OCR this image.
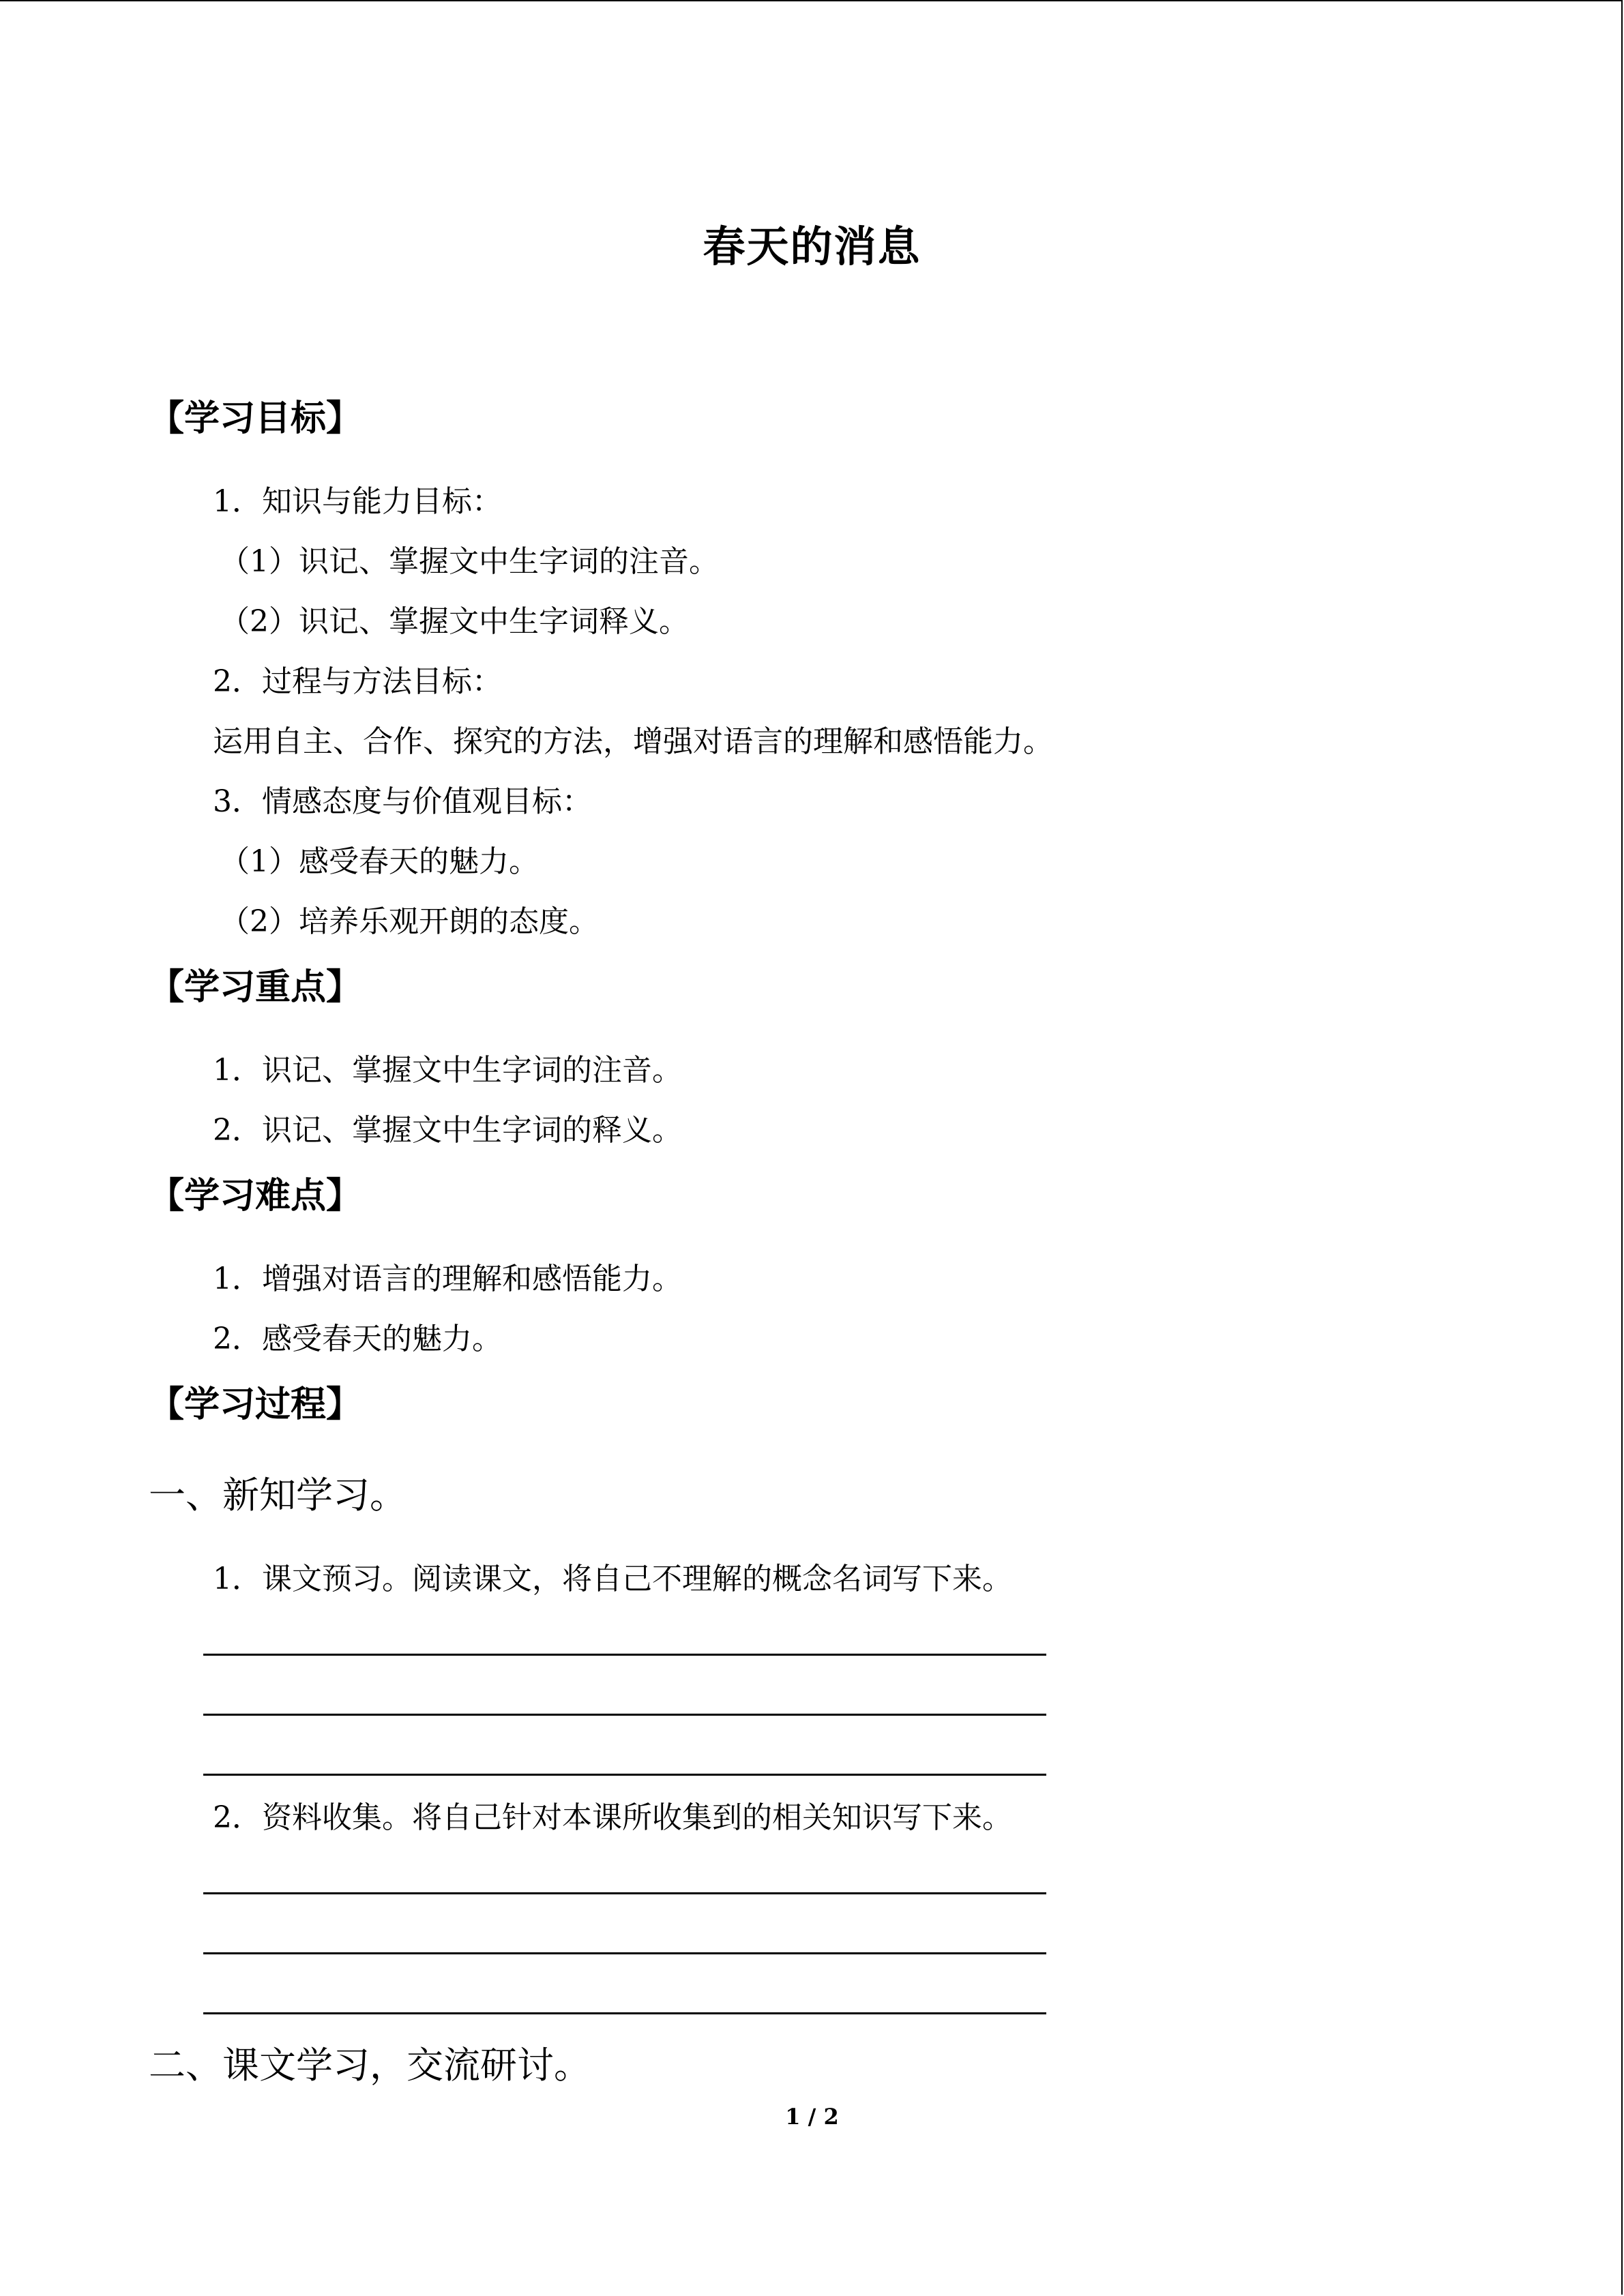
春天的消息
【学习目标】
1．知识与能力目标：
（1）识记、掌握文中生字词的注音。
（2）识记、掌握文中生字词释义。
2．过程与方法目标：
运用自主、合作、探究的方法，增强对语言的理解和感悟能力。
3．情感态度与价值观目标：
（1）感受春天的魅力。
（2）培养乐观开朗的态度。
【学习重点】
1．识记、掌握文中生字词的注音。
2．识记、掌握文中生字词的释义。
【学习难点】
1．增强对语言的理解和感悟能力。
2．感受春天的魅力。
【学习过程】
一、新知学习。
1．课文预习。阅读课文，将自己不理解的概念名词写下来。
2．资料收集。将自己针对本课所收集到的相关知识写下来。
二、课文学习，交流研讨。
1 / 2
